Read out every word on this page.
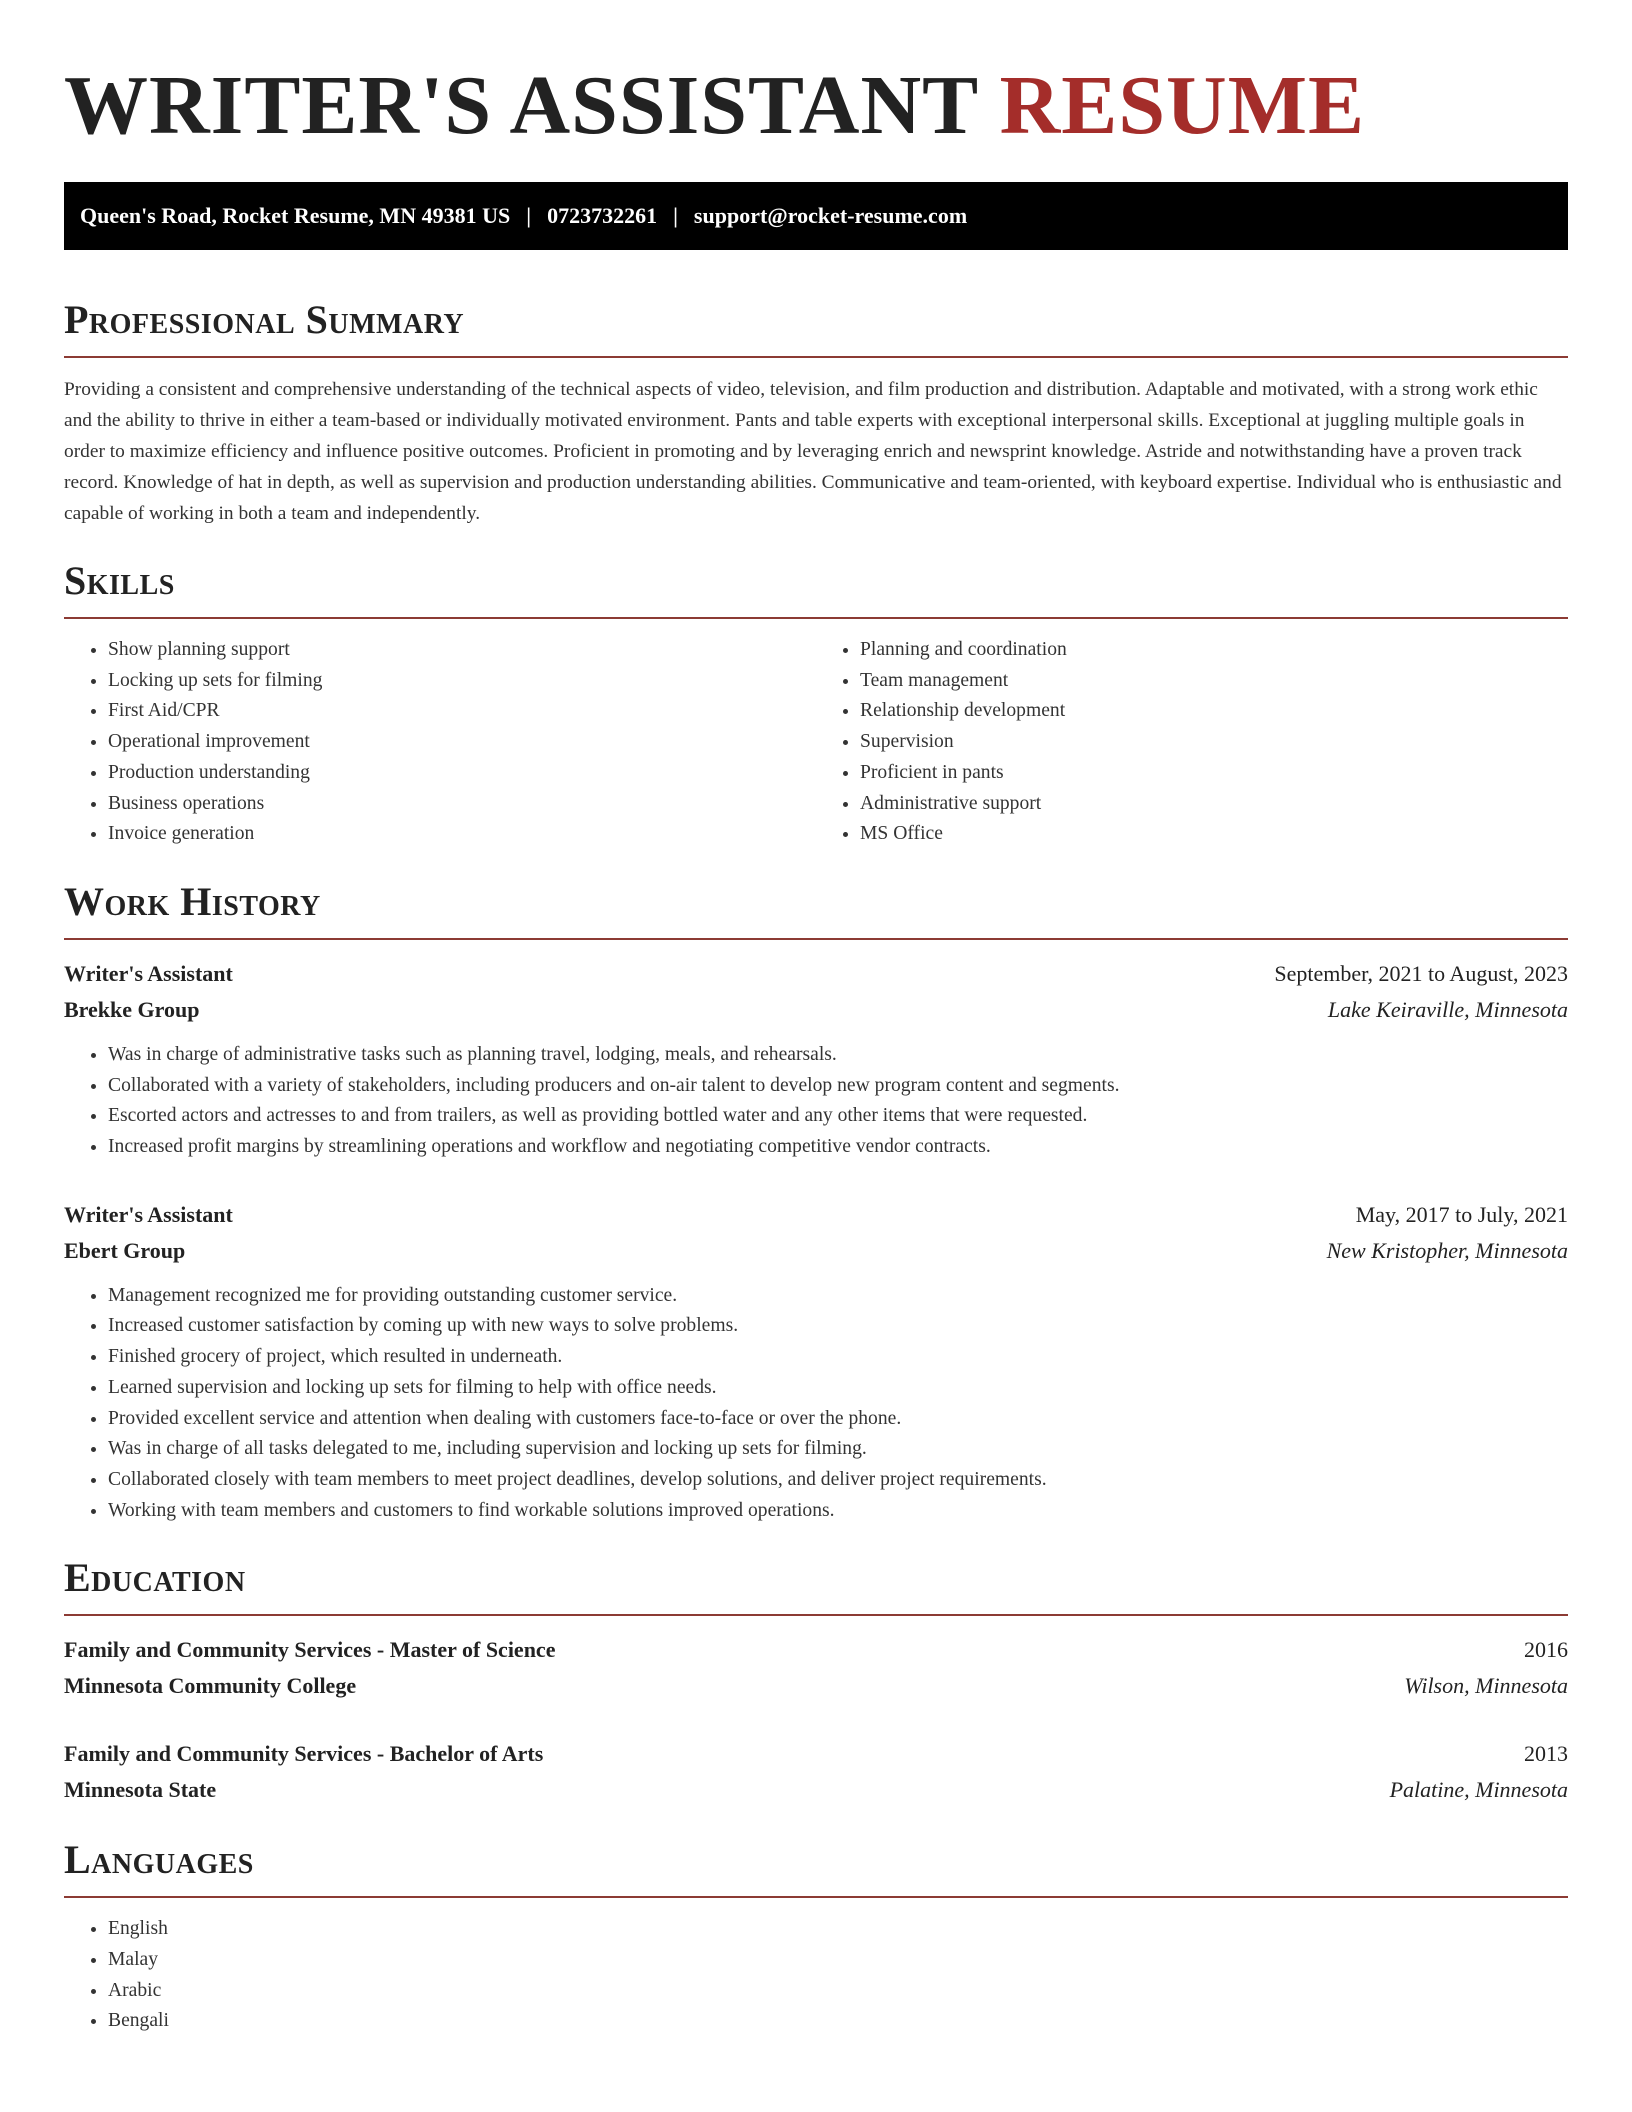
WRITER'S ASSISTANT RESUME
Queen's Road, Rocket Resume, MN 49381 US | 0723732261 | support@rocket-resume.com
Professional Summary

Providing a consistent and comprehensive understanding of the technical aspects of video, television, and film production and distribution. Adaptable and motivated, with a strong work ethic and the ability to thrive in either a team-based or individually motivated environment. Pants and table experts with exceptional interpersonal skills. Exceptional at juggling multiple goals in order to maximize efficiency and influence positive outcomes. Proficient in promoting and by leveraging enrich and newsprint knowledge. Astride and notwithstanding have a proven track record. Knowledge of hat in depth, as well as supervision and production understanding abilities. Communicative and team-oriented, with keyboard expertise. Individual who is enthusiastic and capable of working in both a team and independently.

Skills
• Show planning support
• Locking up sets for filming
• First Aid/CPR
• Operational improvement
• Production understanding
• Business operations
• Invoice generation
• Planning and coordination
• Team management
• Relationship development
• Supervision
• Proficient in pants
• Administrative support
• MS Office
Work History
Writer's Assistant	September, 2021 to August, 2023
Brekke Group	Lake Keiraville, Minnesota
• Was in charge of administrative tasks such as planning travel, lodging, meals, and rehearsals.
• Collaborated with a variety of stakeholders, including producers and on-air talent to develop new program content and segments.
• Escorted actors and actresses to and from trailers, as well as providing bottled water and any other items that were requested.
• Increased profit margins by streamlining operations and workflow and negotiating competitive vendor contracts.
Writer's Assistant	May, 2017 to July, 2021
Ebert Group	New Kristopher, Minnesota
• Management recognized me for providing outstanding customer service.
• Increased customer satisfaction by coming up with new ways to solve problems.
• Finished grocery of project, which resulted in underneath.
• Learned supervision and locking up sets for filming to help with office needs.
• Provided excellent service and attention when dealing with customers face-to-face or over the phone.
• Was in charge of all tasks delegated to me, including supervision and locking up sets for filming.
• Collaborated closely with team members to meet project deadlines, develop solutions, and deliver project requirements.
• Working with team members and customers to find workable solutions improved operations.
Education
Family and Community Services - Master of Science	2016
Minnesota Community College	Wilson, Minnesota
Family and Community Services - Bachelor of Arts	2013
Minnesota State	Palatine, Minnesota
Languages
• English
• Malay
• Arabic
• Bengali
